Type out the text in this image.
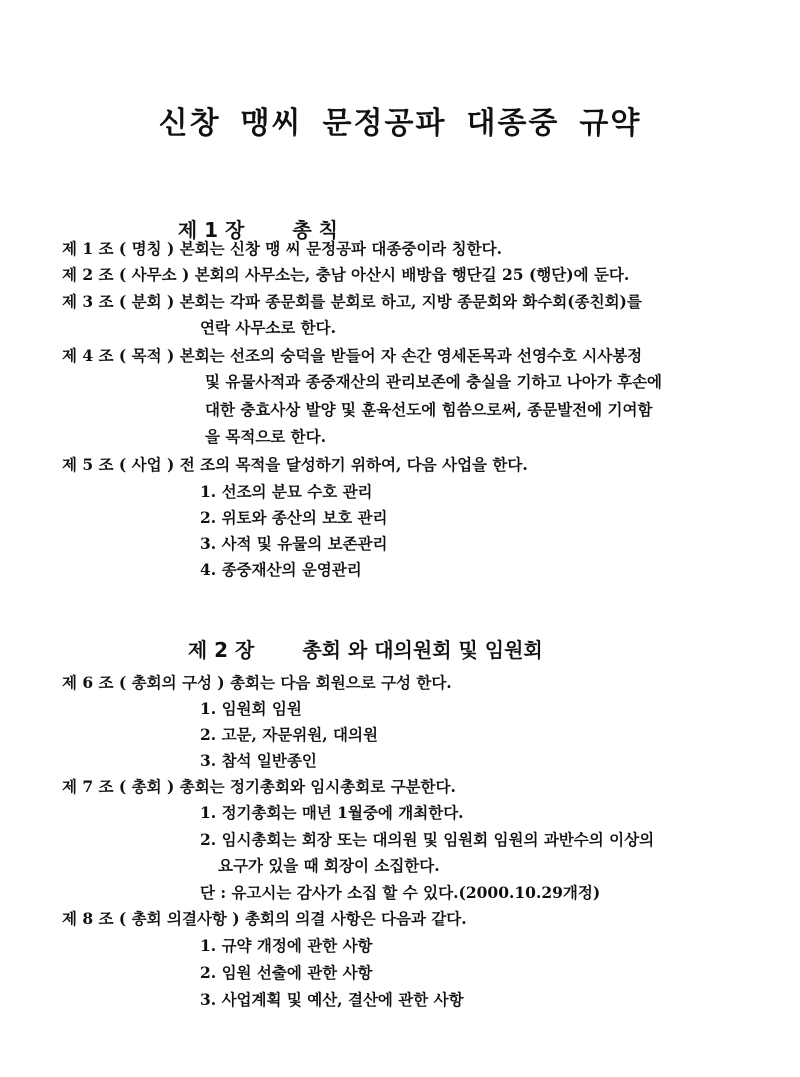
신창 맹씨 문정공파 대종중 규약

제 1 장 총 칙

제 1 조 ( 명칭 ) 본회는 신창 맹 씨 문정공파 대종중이라 칭한다.
제 2 조 ( 사무소 ) 본회의 사무소는, 충남 아산시 배방읍 행단길 25 (행단)에 둔다.
제 3 조 ( 분회 ) 본회는 각파 종문회를 분회로 하고, 지방 종문회와 화수회(종친회)를
연락 사무소로 한다.
제 4 조 ( 목적 ) 본회는 선조의 숭덕을 받들어 자 손간 영세돈목과 선영수호 시사봉정
및 유물사적과 종중재산의 관리보존에 충실을 기하고 나아가 후손에
대한 충효사상 발양 및 훈육선도에 힘씀으로써, 종문발전에 기여함
을 목적으로 한다.
제 5 조 ( 사업 ) 전 조의 목적을 달성하기 위하여, 다음 사업을 한다.
1. 선조의 분묘 수호 관리
2. 위토와 종산의 보호 관리
3. 사적 및 유물의 보존관리
4. 종중재산의 운영관리

제 2 장 총회 와 대의원회 및 임원회

제 6 조 ( 총회의 구성 ) 총회는 다음 회원으로 구성 한다.
1. 임원회 임원
2. 고문, 자문위원, 대의원
3. 참석 일반종인
제 7 조 ( 총회 ) 총회는 정기총회와 임시총회로 구분한다.
1. 정기총회는 매년 1월중에 개최한다.
2. 임시총회는 회장 또는 대의원 및 임원회 임원의 과반수의 이상의
요구가 있을 때 회장이 소집한다.
단 : 유고시는 감사가 소집 할 수 있다.(2000.10.29개정)
제 8 조 ( 총회 의결사항 ) 총회의 의결 사항은 다음과 같다.
1. 규약 개정에 관한 사항
2. 임원 선출에 관한 사항
3. 사업계획 및 예산, 결산에 관한 사항
